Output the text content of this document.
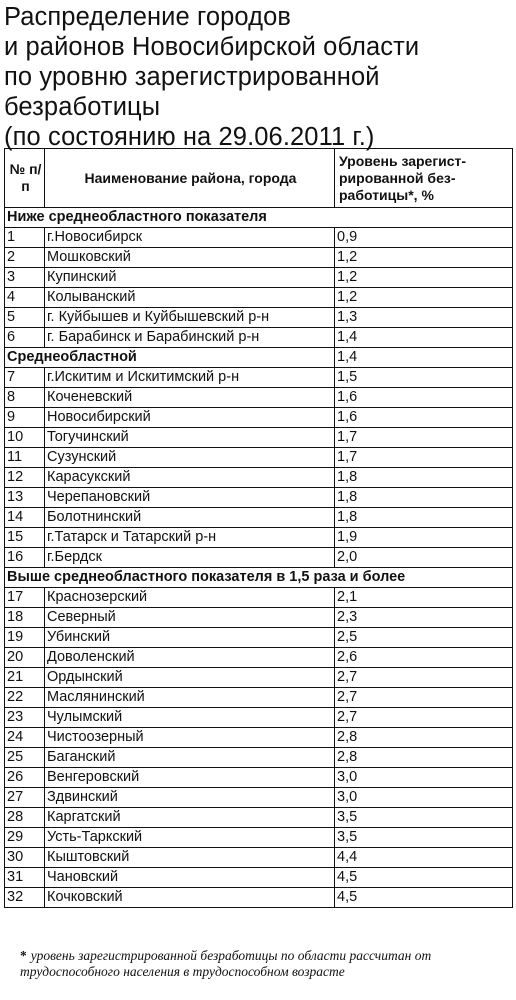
Распределение городов
и районов Новосибирской области
по уровню зарегистрированной
безработицы
(по состоянию на 29.06.2011 г.)
№ п/п	Наименование района, города	Уровень зарегист-рированной без-работицы*, %
Ниже среднеобластного показателя		
1	г.Новосибирск	0,9
2	Мошковский	1,2
3	Купинский	1,2
4	Колыванский	1,2
5	г. Куйбышев и Куйбышевский р-н	1,3
6	г. Барабинск и Барабинский р-н	1,4
Среднеобластной		1,4
7	г.Искитим и Искитимский р-н	1,5
8	Коченевский	1,6
9	Новосибирский	1,6
10	Тогучинский	1,7
11	Сузунский	1,7
12	Карасукский	1,8
13	Черепановский	1,8
14	Болотнинский	1,8
15	г.Татарск и Татарский р-н	1,9
16	г.Бердск	2,0
Выше среднеобластного показателя в 1,5 раза и более		
17	Краснозерский	2,1
18	Северный	2,3
19	Убинский	2,5
20	Доволенский	2,6
21	Ордынский	2,7
22	Маслянинский	2,7
23	Чулымский	2,7
24	Чистоозерный	2,8
25	Баганский	2,8
26	Венгеровский	3,0
27	Здвинский	3,0
28	Каргатский	3,5
29	Усть-Таркский	3,5
30	Кыштовский	4,4
31	Чановский	4,5
32	Кочковский	4,5
* уровень зарегистрированной безработицы по области рассчитан от трудоспособного населения в трудоспособном возрасте
